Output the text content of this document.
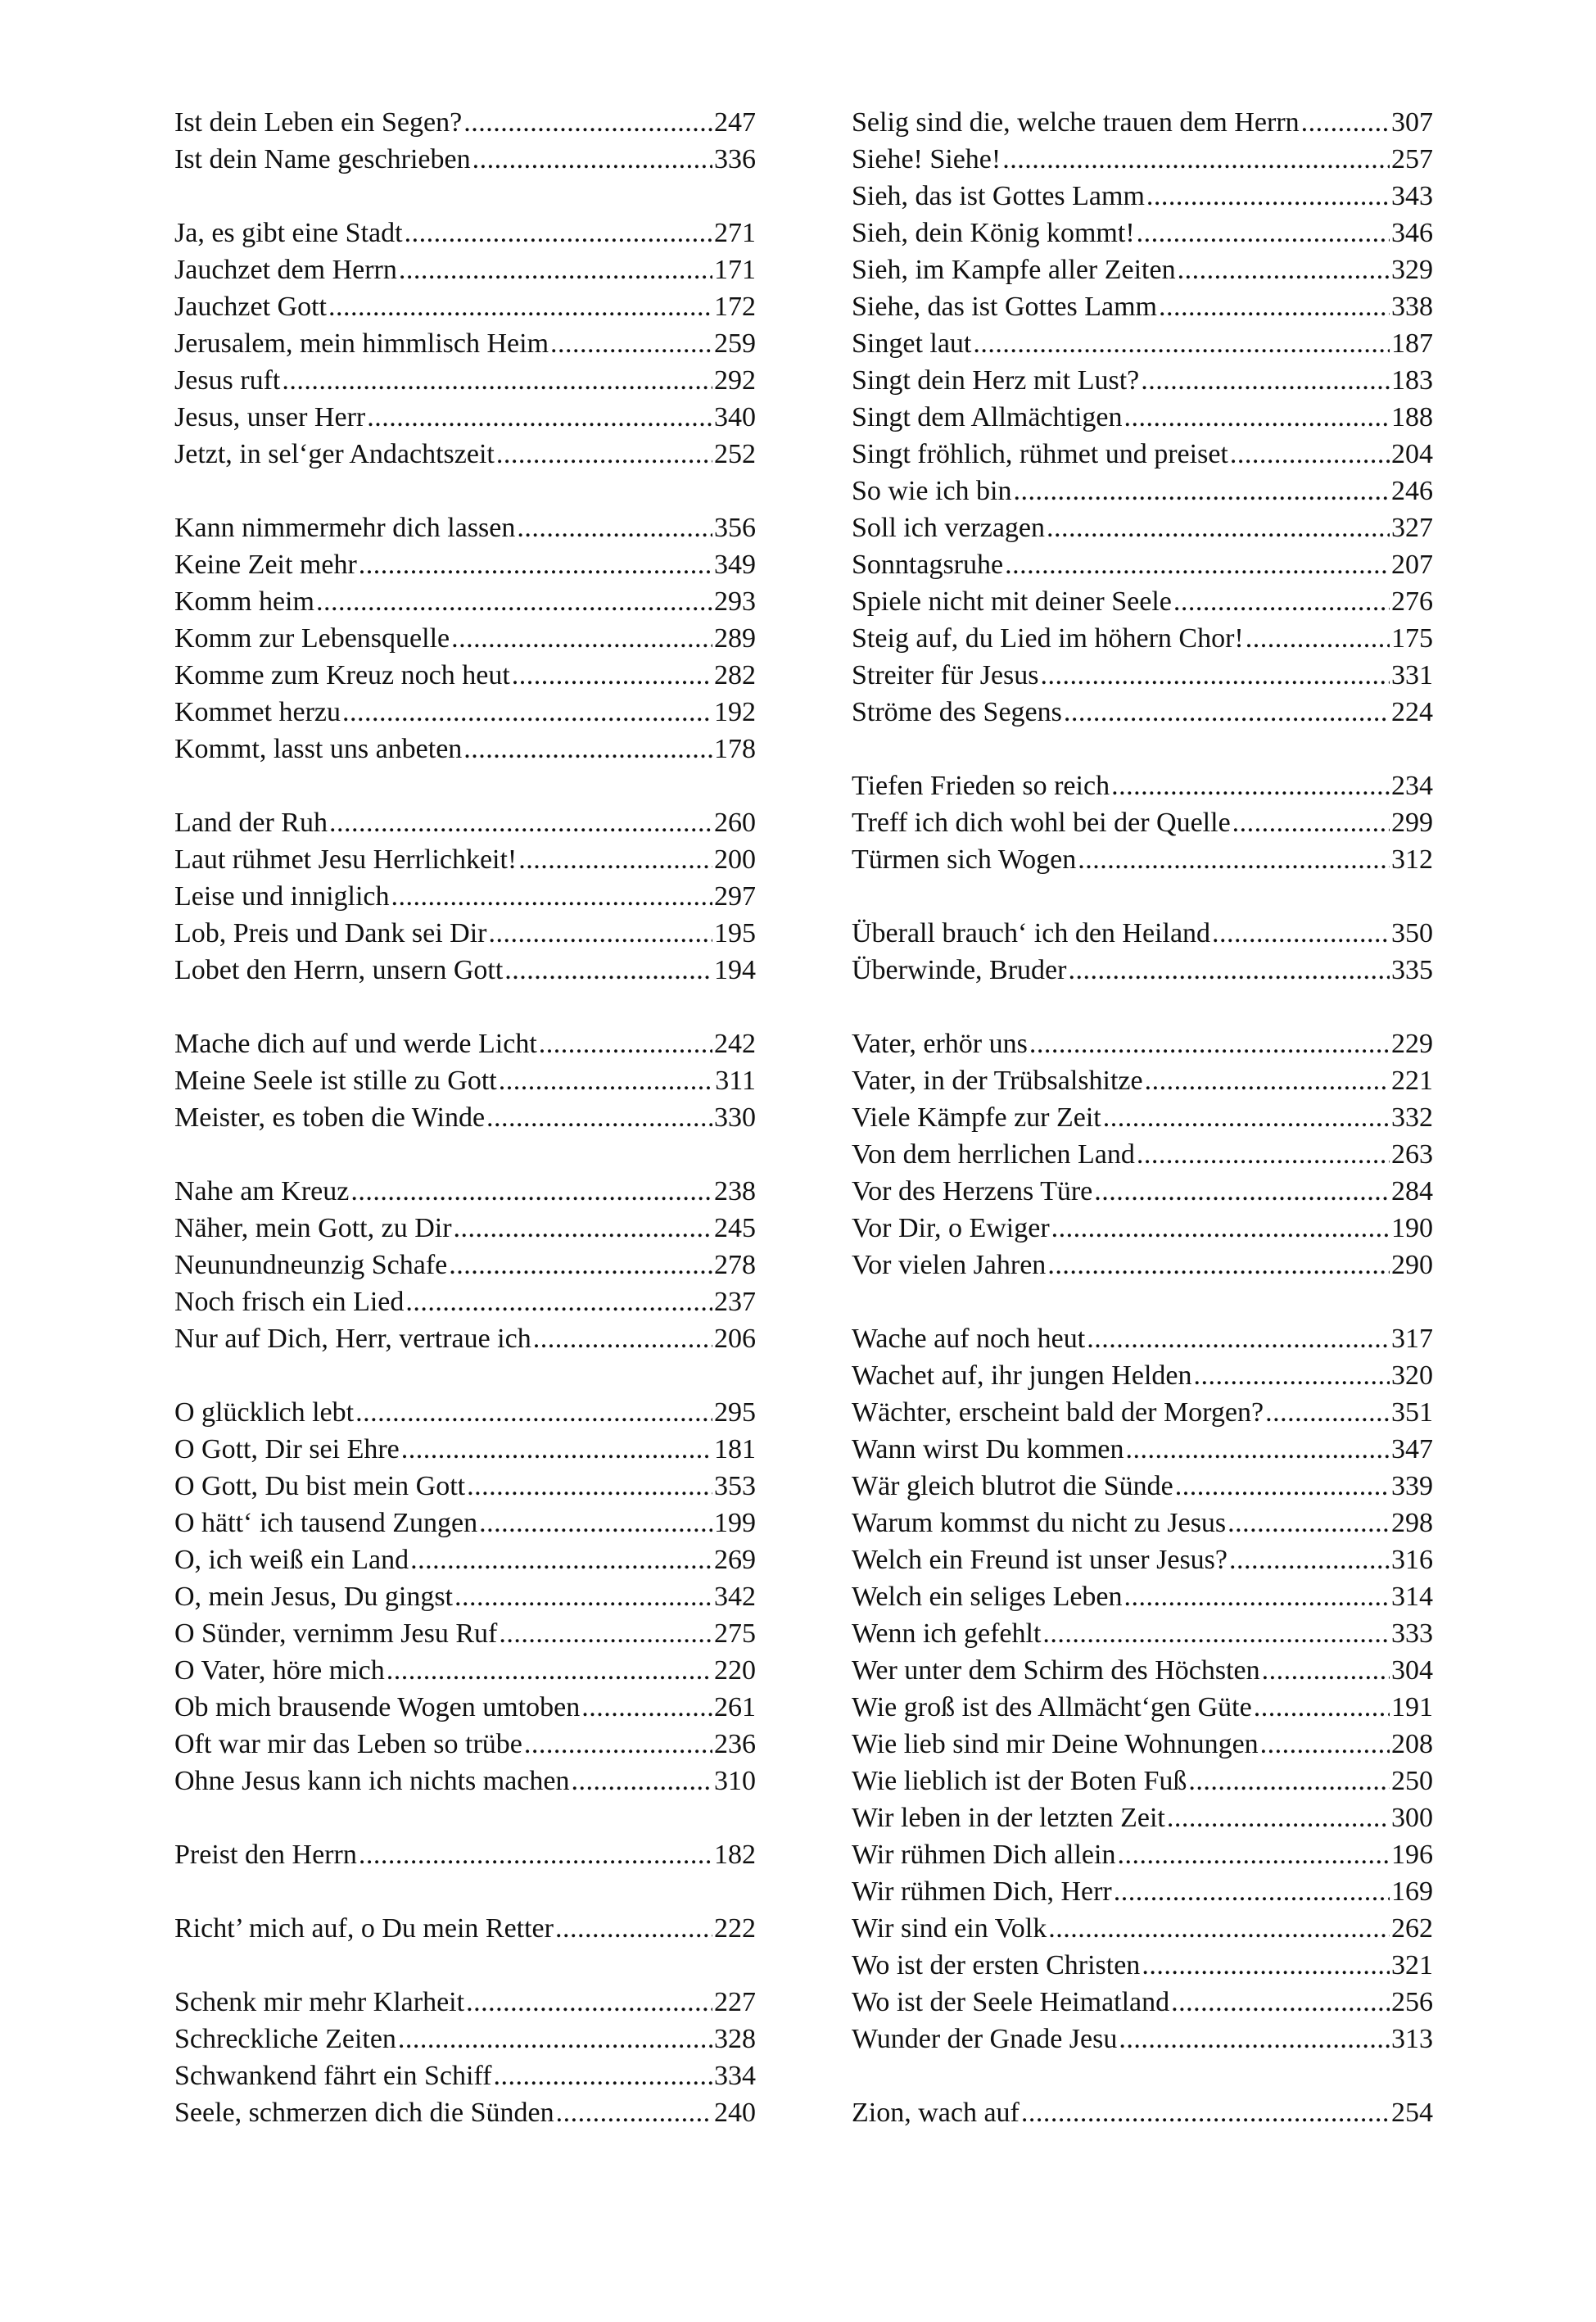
Ist dein Leben ein Segen? .....	247
Ist dein Name geschrieben .....	336
Ja, es gibt eine Stadt .....	271
Jauchzet dem Herrn .....	171
Jauchzet Gott .....	172
Jerusalem, mein himmlisch Heim .....	259
Jesus ruft .....	292
Jesus, unser Herr .....	340
Jetzt, in sel‘ger Andachtszeit .....	252
Kann nimmermehr dich lassen .....	356
Keine Zeit mehr .....	349
Komm heim .....	293
Komm zur Lebensquelle .....	289
Komme zum Kreuz noch heut .....	282
Kommet herzu .....	192
Kommt, lasst uns anbeten .....	178
Land der Ruh .....	260
Laut rühmet Jesu Herrlichkeit! .....	200
Leise und inniglich .....	297
Lob, Preis und Dank sei Dir .....	195
Lobet den Herrn, unsern Gott .....	194
Mache dich auf und werde Licht .....	242
Meine Seele ist stille zu Gott .....	311
Meister, es toben die Winde .....	330
Nahe am Kreuz .....	238
Näher, mein Gott, zu Dir .....	245
Neunundneunzig Schafe .....	278
Noch frisch ein Lied .....	237
Nur auf Dich, Herr, vertraue ich .....	206
O glücklich lebt .....	295
O Gott, Dir sei Ehre .....	181
O Gott, Du bist mein Gott .....	353
O hätt‘ ich tausend Zungen .....	199
O, ich weiß ein Land .....	269
O, mein Jesus, Du gingst .....	342
O Sünder, vernimm Jesu Ruf .....	275
O Vater, höre mich .....	220
Ob mich brausende Wogen umtoben .....	261
Oft war mir das Leben so trübe .....	236
Ohne Jesus kann ich nichts machen .....	310
Preist den Herrn .....	182
Richt’ mich auf, o Du mein Retter .....	222
Schenk mir mehr Klarheit .....	227
Schreckliche Zeiten .....	328
Schwankend fährt ein Schiff .....	334
Seele, schmerzen dich die Sünden .....	240
Selig sind die, welche trauen dem Herrn .....	307
Siehe! Siehe! .....	257
Sieh, das ist Gottes Lamm .....	343
Sieh, dein König kommt! .....	346
Sieh, im Kampfe aller Zeiten .....	329
Siehe, das ist Gottes Lamm .....	338
Singet laut .....	187
Singt dein Herz mit Lust? .....	183
Singt dem Allmächtigen .....	188
Singt fröhlich, rühmet und preiset .....	204
So wie ich bin .....	246
Soll ich verzagen .....	327
Sonntagsruhe .....	207
Spiele nicht mit deiner Seele .....	276
Steig auf, du Lied im höhern Chor! .....	175
Streiter für Jesus .....	331
Ströme des Segens .....	224
Tiefen Frieden so reich .....	234
Treff ich dich wohl bei der Quelle .....	299
Türmen sich Wogen .....	312
Überall brauch‘ ich den Heiland .....	350
Überwinde, Bruder .....	335
Vater, erhör uns .....	229
Vater, in der Trübsalshitze .....	221
Viele Kämpfe zur Zeit .....	332
Von dem herrlichen Land .....	263
Vor des Herzens Türe .....	284
Vor Dir, o Ewiger .....	190
Vor vielen Jahren .....	290
Wache auf noch heut .....	317
Wachet auf, ihr jungen Helden .....	320
Wächter, erscheint bald der Morgen? .....	351
Wann wirst Du kommen .....	347
Wär gleich blutrot die Sünde .....	339
Warum kommst du nicht zu Jesus .....	298
Welch ein Freund ist unser Jesus? .....	316
Welch ein seliges Leben .....	314
Wenn ich gefehlt .....	333
Wer unter dem Schirm des Höchsten .....	304
Wie groß ist des Allmächt‘gen Güte .....	191
Wie lieb sind mir Deine Wohnungen .....	208
Wie lieblich ist der Boten Fuß .....	250
Wir leben in der letzten Zeit .....	300
Wir rühmen Dich allein .....	196
Wir rühmen Dich, Herr .....	169
Wir sind ein Volk .....	262
Wo ist der ersten Christen .....	321
Wo ist der Seele Heimatland .....	256
Wunder der Gnade Jesu .....	313
Zion, wach auf .....	254
